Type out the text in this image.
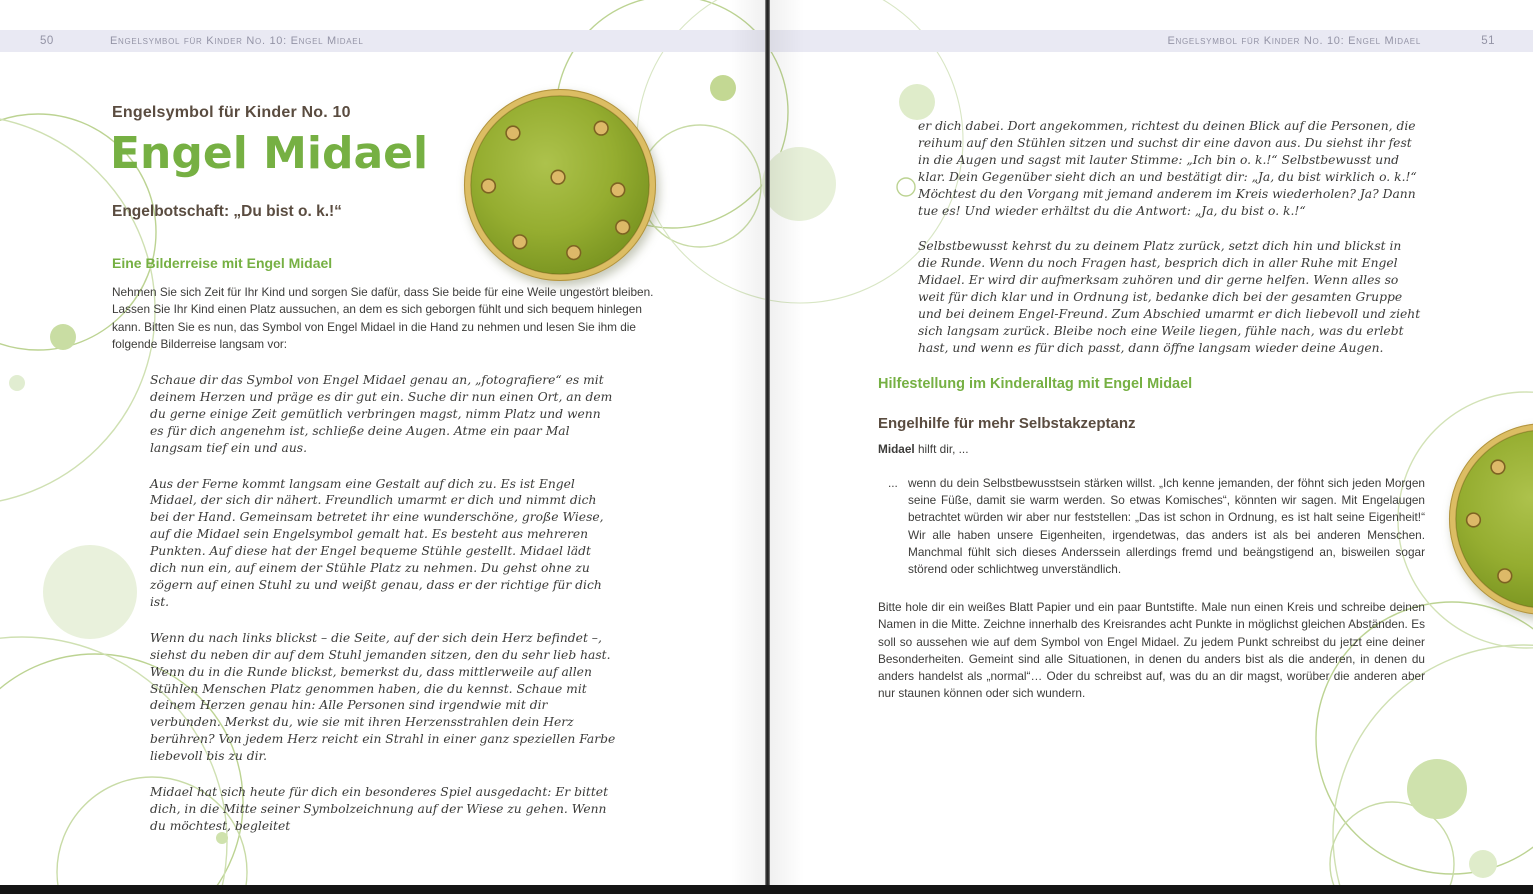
50	Engelsymbol für Kinder No. 10: Engel Midael	Engelsymbol für Kinder No. 10: Engel Midael	51
Engelsymbol für Kinder No. 10
Engel Midael
Engelbotschaft: „Du bist o. k.!“
Eine Bilderreise mit Engel Midael

Nehmen Sie sich Zeit für Ihr Kind und sorgen Sie dafür, dass Sie beide für eine Weile ungestört bleiben. Lassen Sie Ihr Kind einen Platz aussuchen, an dem es sich geborgen fühlt und sich bequem hinlegen kann. Bitten Sie es nun, das Symbol von Engel Midael in die Hand zu nehmen und lesen Sie ihm die folgende Bilderreise langsam vor:

Schaue dir das Symbol von Engel Midael genau an, „fotografiere“ es mit deinem Herzen und präge es dir gut ein. Suche dir nun einen Ort, an dem du gerne einige Zeit gemütlich verbringen magst, nimm Platz und wenn es für dich angenehm ist, schließe deine Augen. Atme ein paar Mal langsam tief ein und aus.

Aus der Ferne kommt langsam eine Gestalt auf dich zu. Es ist Engel Midael, der sich dir nähert. Freundlich umarmt er dich und nimmt dich bei der Hand. Gemeinsam betretet ihr eine wunderschöne, große Wiese, auf die Midael sein Engelsymbol gemalt hat. Es besteht aus mehreren Punkten. Auf diese hat der Engel bequeme Stühle gestellt. Midael lädt dich nun ein, auf einem der Stühle Platz zu nehmen. Du gehst ohne zu zögern auf einen Stuhl zu und weißt genau, dass er der richtige für dich ist.

Wenn du nach links blickst – die Seite, auf der sich dein Herz befindet –, siehst du neben dir auf dem Stuhl jemanden sitzen, den du sehr lieb hast. Wenn du in die Runde blickst, bemerkst du, dass mittlerweile auf allen Stühlen Menschen Platz genommen haben, die du kennst. Schaue mit deinem Herzen genau hin: Alle Personen sind irgendwie mit dir verbunden. Merkst du, wie sie mit ihren Herzensstrahlen dein Herz berühren? Von jedem Herz reicht ein Strahl in einer ganz speziellen Farbe liebevoll bis zu dir.

Midael hat sich heute für dich ein besonderes Spiel ausgedacht: Er bittet dich, in die Mitte seiner Symbolzeichnung auf der Wiese zu gehen. Wenn du möchtest, begleitet

er dich dabei. Dort angekommen, richtest du deinen Blick auf die Personen, die reihum auf den Stühlen sitzen und suchst dir eine davon aus. Du siehst ihr fest in die Augen und sagst mit lauter Stimme: „Ich bin o. k.!“ Selbstbewusst und klar. Dein Gegenüber sieht dich an und bestätigt dir: „Ja, du bist wirklich o. k.!“ Möchtest du den Vorgang mit jemand anderem im Kreis wiederholen? Ja? Dann tue es! Und wieder erhältst du die Antwort: „Ja, du bist o. k.!“

Selbstbewusst kehrst du zu deinem Platz zurück, setzt dich hin und blickst in die Runde. Wenn du noch Fragen hast, besprich dich in aller Ruhe mit Engel Midael. Er wird dir aufmerksam zuhören und dir gerne helfen. Wenn alles so weit für dich klar und in Ordnung ist, bedanke dich bei der gesamten Gruppe und bei deinem Engel-Freund. Zum Abschied umarmt er dich liebevoll und zieht sich langsam zurück. Bleibe noch eine Weile liegen, fühle nach, was du erlebt hast, und wenn es für dich passt, dann öffne langsam wieder deine Augen.

Hilfestellung im Kinderalltag mit Engel Midael
Engelhilfe für mehr Selbstakzeptanz

Midael hilft dir, ...

... wenn du dein Selbstbewusstsein stärken willst. „Ich kenne jemanden, der föhnt sich jeden Morgen seine Füße, damit sie warm werden. So etwas Komisches“, könnten wir sagen. Mit Engelaugen betrachtet würden wir aber nur feststellen: „Das ist schon in Ordnung, es ist halt seine Eigenheit!“ Wir alle haben unsere Eigenheiten, irgendetwas, das anders ist als bei anderen Menschen. Manchmal fühlt sich dieses Anderssein allerdings fremd und beängstigend an, bisweilen sogar störend oder schlichtweg unverständlich.

Bitte hole dir ein weißes Blatt Papier und ein paar Buntstifte. Male nun einen Kreis und schreibe deinen Namen in die Mitte. Zeichne innerhalb des Kreisrandes acht Punkte in möglichst gleichen Abständen. Es soll so aussehen wie auf dem Symbol von Engel Midael. Zu jedem Punkt schreibst du jetzt eine deiner Besonderheiten. Gemeint sind alle Situationen, in denen du anders bist als die anderen, in denen du anders handelst als „normal“… Oder du schreibst auf, was du an dir magst, worüber die anderen aber nur staunen können oder sich wundern.
